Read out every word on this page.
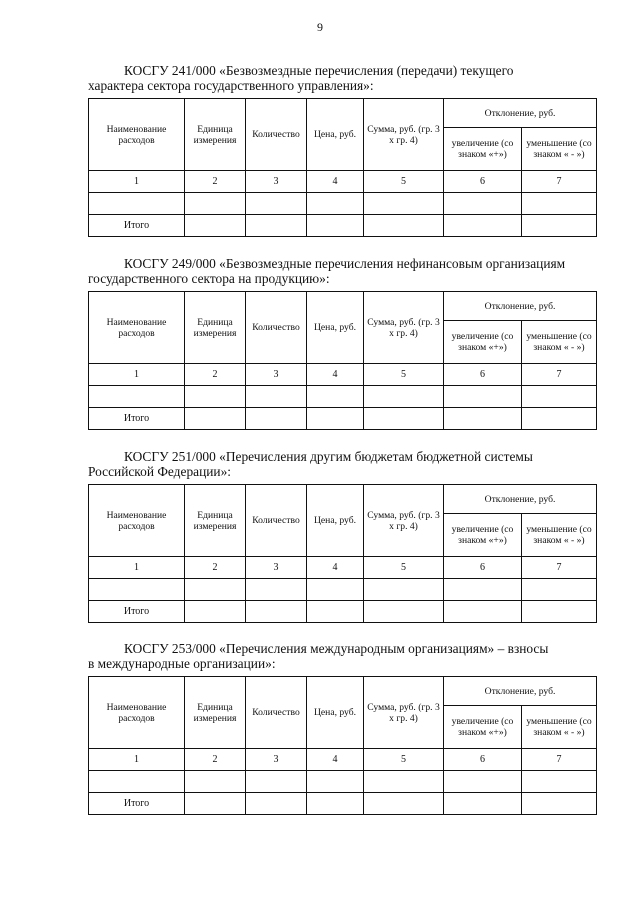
9
КОСГУ 241/000 «Безвозмездные перечисления (передачи) текущего
характера сектора государственного управления»:
Наименование расходов	Единица измерения	Количество	Цена, руб.	Сумма, руб. (гр. 3 х гр. 4)	Отклонение, руб.	
					увеличение (со знаком «+»)	уменьшение (со знаком « - »)
1	2	3	4	5	6	7

Итого						
КОСГУ 249/000 «Безвозмездные перечисления нефинансовым организациям
государственного сектора на продукцию»:
Наименование расходов	Единица измерения	Количество	Цена, руб.	Сумма, руб. (гр. 3 х гр. 4)	Отклонение, руб.	
					увеличение (со знаком «+»)	уменьшение (со знаком « - »)
1	2	3	4	5	6	7

Итого						
КОСГУ 251/000 «Перечисления другим бюджетам бюджетной системы
Российской Федерации»:
Наименование расходов	Единица измерения	Количество	Цена, руб.	Сумма, руб. (гр. 3 х гр. 4)	Отклонение, руб.	
					увеличение (со знаком «+»)	уменьшение (со знаком « - »)
1	2	3	4	5	6	7

Итого						
КОСГУ 253/000 «Перечисления международным организациям» – взносы
в международные организации»:
Наименование расходов	Единица измерения	Количество	Цена, руб.	Сумма, руб. (гр. 3 х гр. 4)	Отклонение, руб.	
					увеличение (со знаком «+»)	уменьшение (со знаком « - »)
1	2	3	4	5	6	7

Итого						
